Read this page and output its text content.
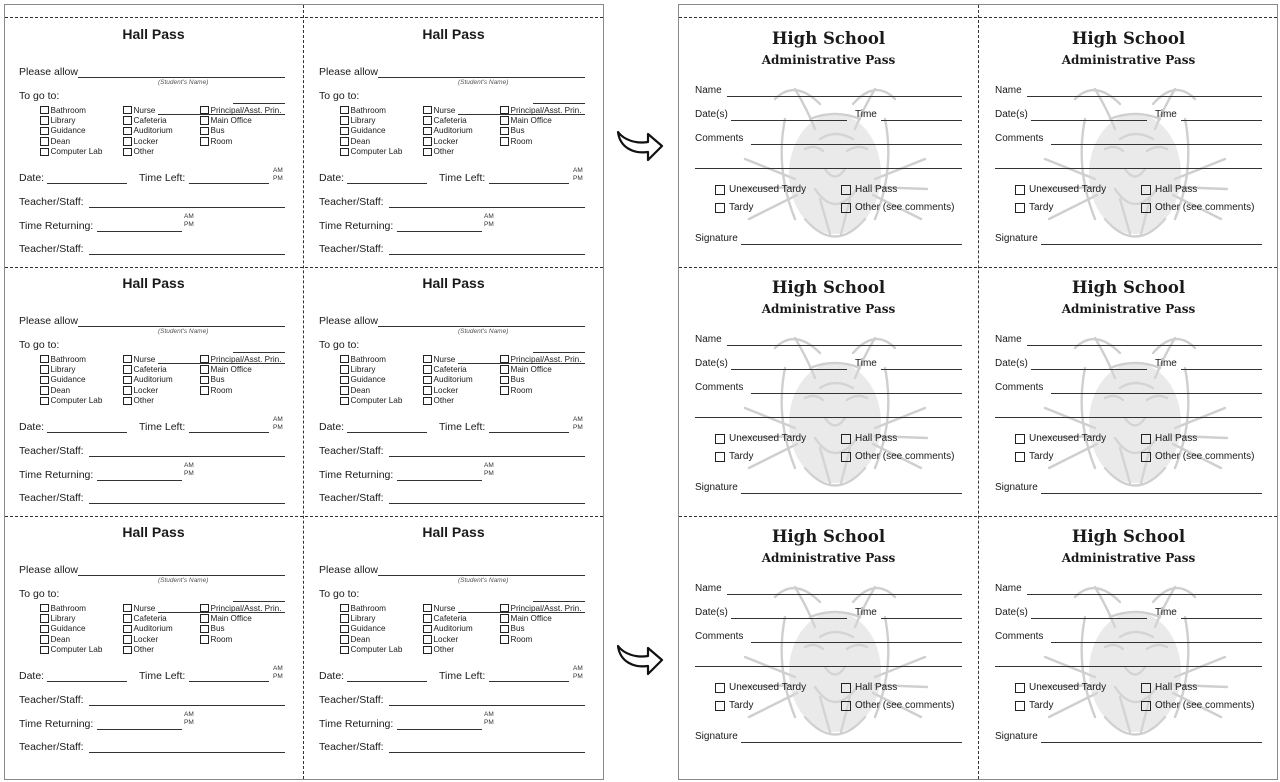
Hall Pass
Please allow
(Student's Name)
To go to:
Bathroom
Library
Guidance
Dean
Computer Lab
Nurse
Cafeteria
Auditorium
Locker
Other
Principal/Asst. Prin.
Main Office
Bus
Room
Date:	Time Left:
AM
PM
Teacher/Staff:
Time Returning:
AM
PM
Teacher/Staff:
Hall Pass
Please allow
(Student's Name)
To go to:
Bathroom
Library
Guidance
Dean
Computer Lab
Nurse
Cafeteria
Auditorium
Locker
Other
Principal/Asst. Prin.
Main Office
Bus
Room
Date:	Time Left:
AM
PM
Teacher/Staff:
Time Returning:
AM
PM
Teacher/Staff:
Hall Pass
Please allow
(Student's Name)
To go to:
Bathroom
Library
Guidance
Dean
Computer Lab
Nurse
Cafeteria
Auditorium
Locker
Other
Principal/Asst. Prin.
Main Office
Bus
Room
Date:	Time Left:
AM
PM
Teacher/Staff:
Time Returning:
AM
PM
Teacher/Staff:
Hall Pass
Please allow
(Student's Name)
To go to:
Bathroom
Library
Guidance
Dean
Computer Lab
Nurse
Cafeteria
Auditorium
Locker
Other
Principal/Asst. Prin.
Main Office
Bus
Room
Date:	Time Left:
AM
PM
Teacher/Staff:
Time Returning:
AM
PM
Teacher/Staff:
Hall Pass
Please allow
(Student's Name)
To go to:
Bathroom
Library
Guidance
Dean
Computer Lab
Nurse
Cafeteria
Auditorium
Locker
Other
Principal/Asst. Prin.
Main Office
Bus
Room
Date:	Time Left:
AM
PM
Teacher/Staff:
Time Returning:
AM
PM
Teacher/Staff:
Hall Pass
Please allow
(Student's Name)
To go to:
Bathroom
Library
Guidance
Dean
Computer Lab
Nurse
Cafeteria
Auditorium
Locker
Other
Principal/Asst. Prin.
Main Office
Bus
Room
Date:	Time Left:
AM
PM
Teacher/Staff:
Time Returning:
AM
PM
Teacher/Staff:
High School
Administrative Pass
Name
Date(s)	Time
Comments
Unexcused Tardy	Hall Pass
Tardy	Other (see comments)
Signature
High School
Administrative Pass
Name
Date(s)	Time
Comments
Unexcused Tardy	Hall Pass
Tardy	Other (see comments)
Signature
High School
Administrative Pass
Name
Date(s)	Time
Comments
Unexcused Tardy	Hall Pass
Tardy	Other (see comments)
Signature
High School
Administrative Pass
Name
Date(s)	Time
Comments
Unexcused Tardy	Hall Pass
Tardy	Other (see comments)
Signature
High School
Administrative Pass
Name
Date(s)	Time
Comments
Unexcused Tardy	Hall Pass
Tardy	Other (see comments)
Signature
High School
Administrative Pass
Name
Date(s)	Time
Comments
Unexcused Tardy	Hall Pass
Tardy	Other (see comments)
Signature
